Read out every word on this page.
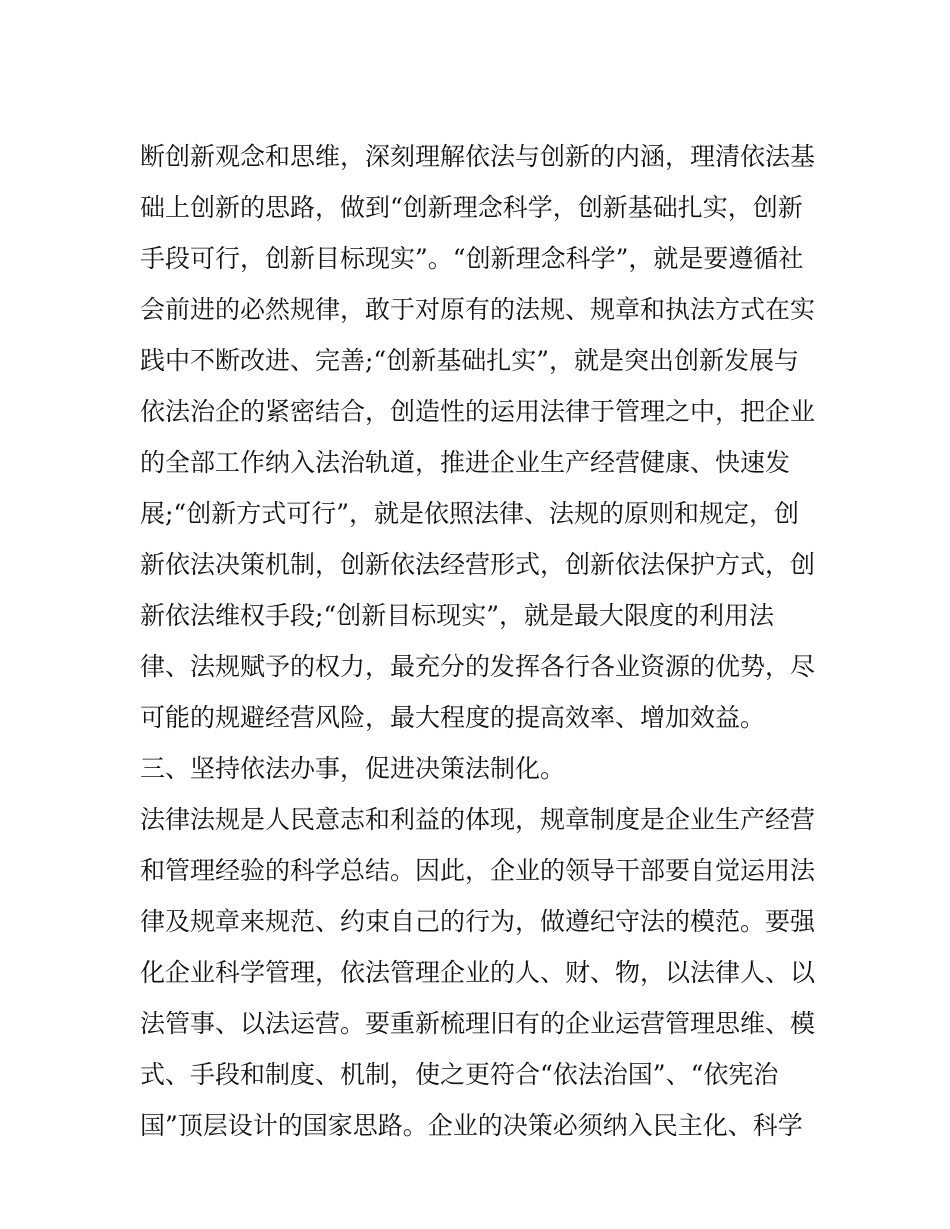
断创新观念和思维，深刻理解依法与创新的内涵，理清依法基
础上创新的思路，做到“创新理念科学，创新基础扎实，创新
手段可行，创新目标现实”。“创新理念科学”，就是要遵循社
会前进的必然规律，敢于对原有的法规、规章和执法方式在实
践中不断改进、完善;“创新基础扎实”，就是突出创新发展与
依法治企的紧密结合，创造性的运用法律于管理之中，把企业
的全部工作纳入法治轨道，推进企业生产经营健康、快速发
展;“创新方式可行”，就是依照法律、法规的原则和规定，创
新依法决策机制，创新依法经营形式，创新依法保护方式，创
新依法维权手段;“创新目标现实”，就是最大限度的利用法
律、法规赋予的权力，最充分的发挥各行各业资源的优势，尽
可能的规避经营风险，最大程度的提高效率、增加效益。
三、坚持依法办事，促进决策法制化。
法律法规是人民意志和利益的体现，规章制度是企业生产经营
和管理经验的科学总结。因此，企业的领导干部要自觉运用法
律及规章来规范、约束自己的行为，做遵纪守法的模范。要强
化企业科学管理，依法管理企业的人、财、物，以法律人、以
法管事、以法运营。要重新梳理旧有的企业运营管理思维、模
式、手段和制度、机制，使之更符合“依法治国”、“依宪治
国”顶层设计的国家思路。企业的决策必须纳入民主化、科学
